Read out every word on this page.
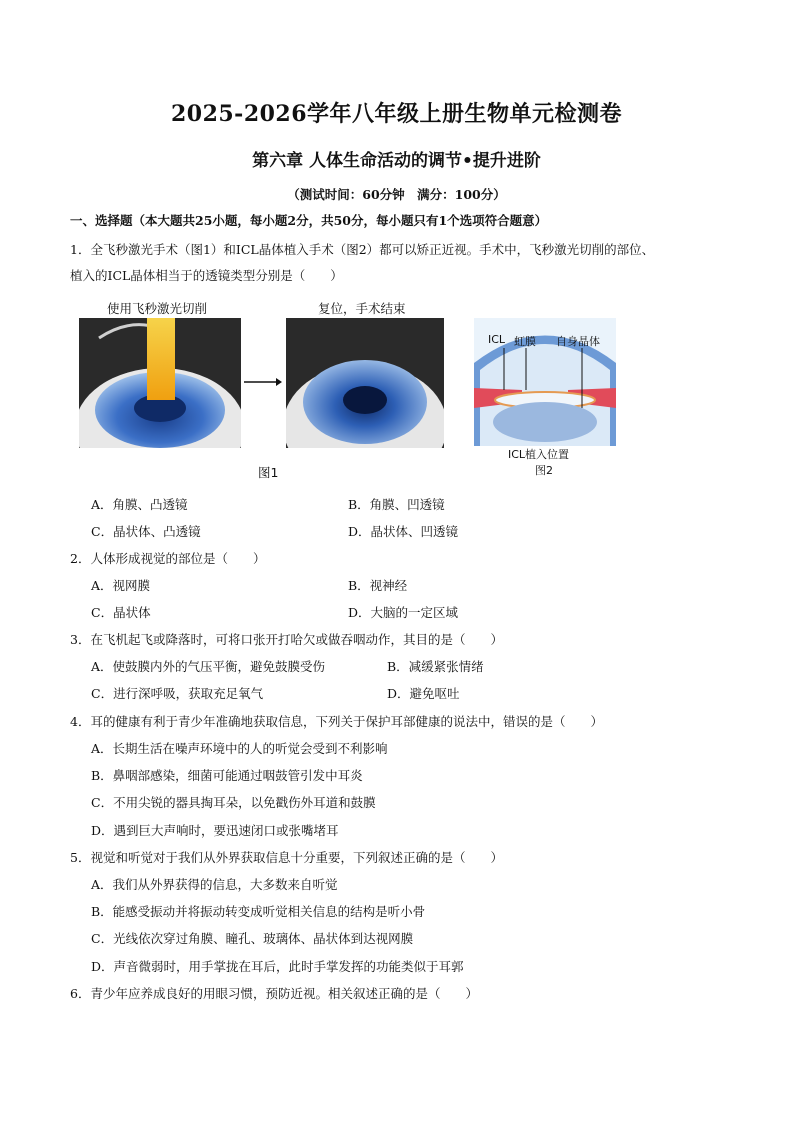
2025-2026学年八年级上册生物单元检测卷
第六章 人体生命活动的调节•提升进阶
（测试时间：60分钟　满分：100分）
一、选择题（本大题共25小题，每小题2分，共50分，每小题只有1个选项符合题意）
1．全飞秒激光手术（图1）和ICL晶体植入手术（图2）都可以矫正近视。手术中，飞秒激光切削的部位、
植入的ICL晶体相当于的透镜类型分别是（　　）
使用飞秒激光切削	复位，手术结束
图1
ICL 虹膜 自身晶体
ICL植入位置
图2
A．角膜、凸透镜	B．角膜、凹透镜
C．晶状体、凸透镜	D．晶状体、凹透镜
2．人体形成视觉的部位是（　　）
A．视网膜	B．视神经
C．晶状体	D．大脑的一定区域
3．在飞机起飞或降落时，可将口张开打哈欠或做吞咽动作，其目的是（　　）
A．使鼓膜内外的气压平衡，避免鼓膜受伤	B．减缓紧张情绪
C．进行深呼吸，获取充足氧气	D．避免呕吐
4．耳的健康有利于青少年准确地获取信息，下列关于保护耳部健康的说法中，错误的是（　　）
A．长期生活在噪声环境中的人的听觉会受到不利影响
B．鼻咽部感染，细菌可能通过咽鼓管引发中耳炎
C．不用尖锐的器具掏耳朵，以免戳伤外耳道和鼓膜
D．遇到巨大声响时，要迅速闭口或张嘴堵耳
5．视觉和听觉对于我们从外界获取信息十分重要，下列叙述正确的是（　　）
A．我们从外界获得的信息，大多数来自听觉
B．能感受振动并将振动转变成听觉相关信息的结构是听小骨
C．光线依次穿过角膜、瞳孔、玻璃体、晶状体到达视网膜
D．声音微弱时，用手掌拢在耳后，此时手掌发挥的功能类似于耳郭
6．青少年应养成良好的用眼习惯，预防近视。相关叙述正确的是（　　）
